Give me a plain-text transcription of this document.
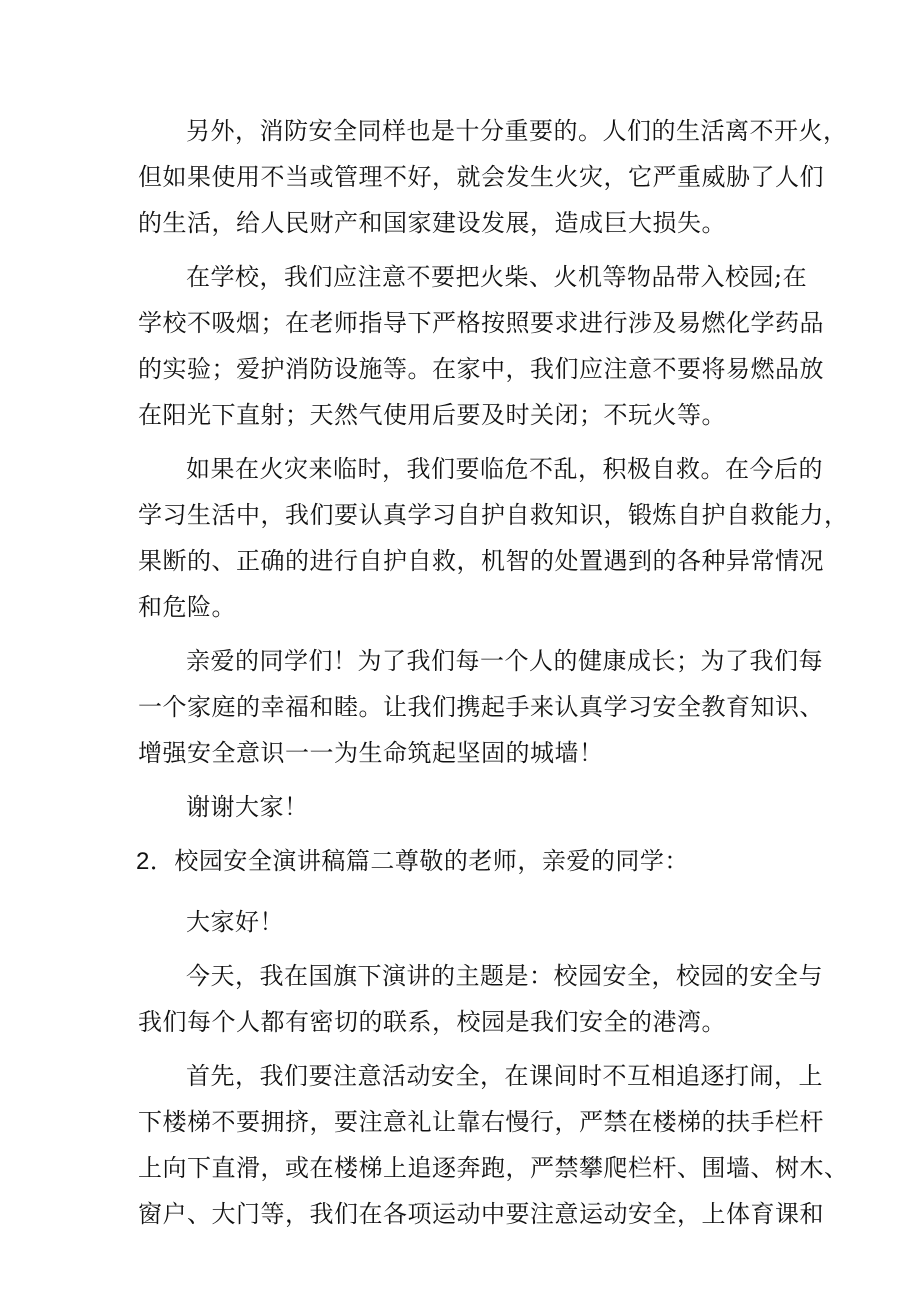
另外，消防安全同样也是十分重要的。人们的生活离不开火，
但如果使用不当或管理不好，就会发生火灾，它严重威胁了人们
的生活，给人民财产和国家建设发展，造成巨大损失。

在学校，我们应注意不要把火柴、火机等物品带入校园;在
学校不吸烟；在老师指导下严格按照要求进行涉及易燃化学药品
的实验；爱护消防设施等。在家中，我们应注意不要将易燃品放
在阳光下直射；天然气使用后要及时关闭；不玩火等。

如果在火灾来临时，我们要临危不乱，积极自救。在今后的
学习生活中，我们要认真学习自护自救知识，锻炼自护自救能力，
果断的、正确的进行自护自救，机智的处置遇到的各种异常情况
和危险。

亲爱的同学们！为了我们每一个人的健康成长；为了我们每
一个家庭的幸福和睦。让我们携起手来认真学习安全教育知识、
增强安全意识一一为生命筑起坚固的城墙！

谢谢大家！

2．校园安全演讲稿篇二尊敬的老师，亲爱的同学：

大家好！

今天，我在国旗下演讲的主题是：校园安全，校园的安全与
我们每个人都有密切的联系，校园是我们安全的港湾。

首先，我们要注意活动安全，在课间时不互相追逐打闹，上
下楼梯不要拥挤，要注意礼让靠右慢行，严禁在楼梯的扶手栏杆
上向下直滑，或在楼梯上追逐奔跑，严禁攀爬栏杆、围墙、树木、
窗户、大门等，我们在各项运动中要注意运动安全，上体育课和
